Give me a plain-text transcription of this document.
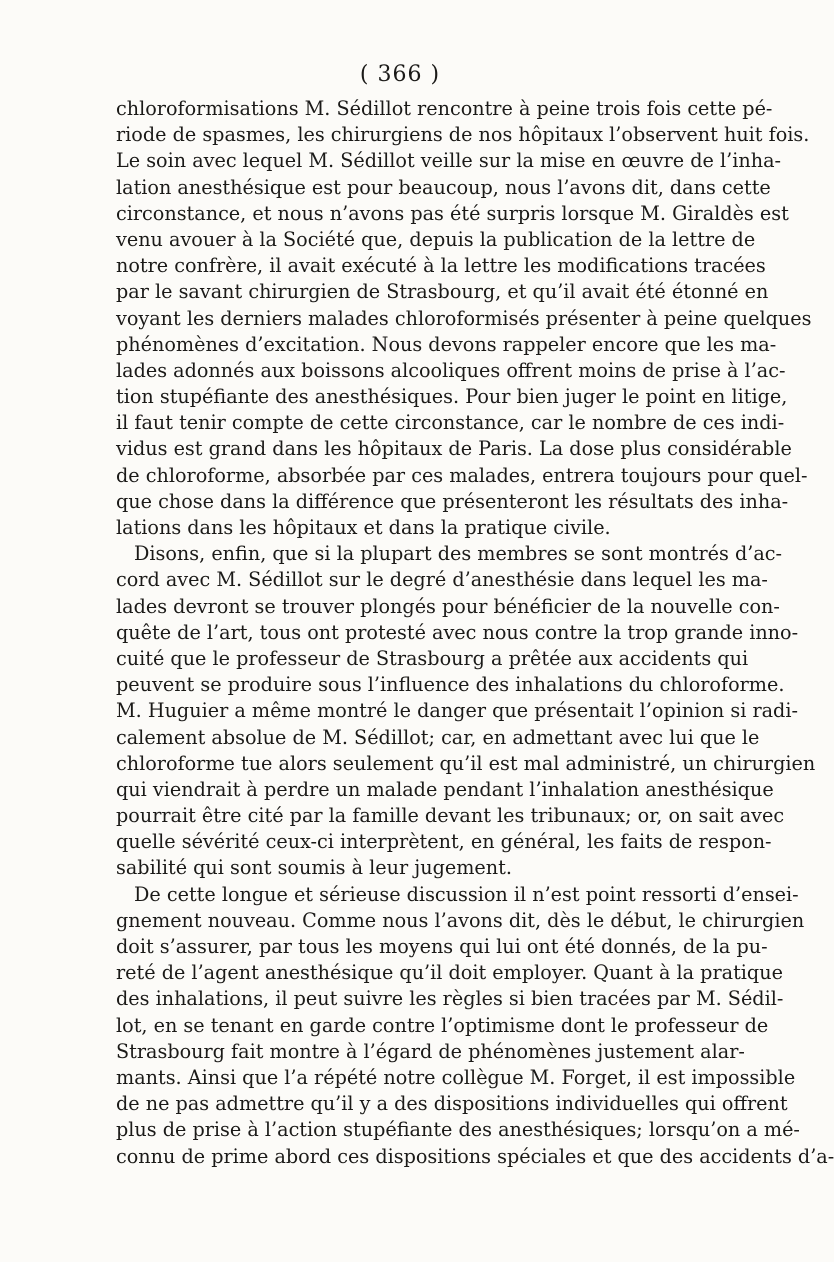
( 366 )
chloroformisations M. Sédillot rencontre à peine trois fois cette pé-
riode de spasmes, les chirurgiens de nos hôpitaux l’observent huit fois.
Le soin avec lequel M. Sédillot veille sur la mise en œuvre de l’inha-
lation anesthésique est pour beaucoup, nous l’avons dit, dans cette
circonstance, et nous n’avons pas été surpris lorsque M. Giraldès est
venu avouer à la Société que, depuis la publication de la lettre de
notre confrère, il avait exécuté à la lettre les modifications tracées
par le savant chirurgien de Strasbourg, et qu’il avait été étonné en
voyant les derniers malades chloroformisés présenter à peine quelques
phénomènes d’excitation. Nous devons rappeler encore que les ma-
lades adonnés aux boissons alcooliques offrent moins de prise à l’ac-
tion stupéfiante des anesthésiques. Pour bien juger le point en litige,
il faut tenir compte de cette circonstance, car le nombre de ces indi-
vidus est grand dans les hôpitaux de Paris. La dose plus considérable
de chloroforme, absorbée par ces malades, entrera toujours pour quel-
que chose dans la différence que présenteront les résultats des inha-
lations dans les hôpitaux et dans la pratique civile.
Disons, enfin, que si la plupart des membres se sont montrés d’ac-
cord avec M. Sédillot sur le degré d’anesthésie dans lequel les ma-
lades devront se trouver plongés pour bénéficier de la nouvelle con-
quête de l’art, tous ont protesté avec nous contre la trop grande inno-
cuité que le professeur de Strasbourg a prêtée aux accidents qui
peuvent se produire sous l’influence des inhalations du chloroforme.
M. Huguier a même montré le danger que présentait l’opinion si radi-
calement absolue de M. Sédillot; car, en admettant avec lui que le
chloroforme tue alors seulement qu’il est mal administré, un chirurgien
qui viendrait à perdre un malade pendant l’inhalation anesthésique
pourrait être cité par la famille devant les tribunaux; or, on sait avec
quelle sévérité ceux-ci interprètent, en général, les faits de respon-
sabilité qui sont soumis à leur jugement.
De cette longue et sérieuse discussion il n’est point ressorti d’ensei-
gnement nouveau. Comme nous l’avons dit, dès le début, le chirurgien
doit s’assurer, par tous les moyens qui lui ont été donnés, de la pu-
reté de l’agent anesthésique qu’il doit employer. Quant à la pratique
des inhalations, il peut suivre les règles si bien tracées par M. Sédil-
lot, en se tenant en garde contre l’optimisme dont le professeur de
Strasbourg fait montre à l’égard de phénomènes justement alar-
mants. Ainsi que l’a répété notre collègue M. Forget, il est impossible
de ne pas admettre qu’il y a des dispositions individuelles qui offrent
plus de prise à l’action stupéfiante des anesthésiques; lorsqu’on a mé-
connu de prime abord ces dispositions spéciales et que des accidents d’a-
